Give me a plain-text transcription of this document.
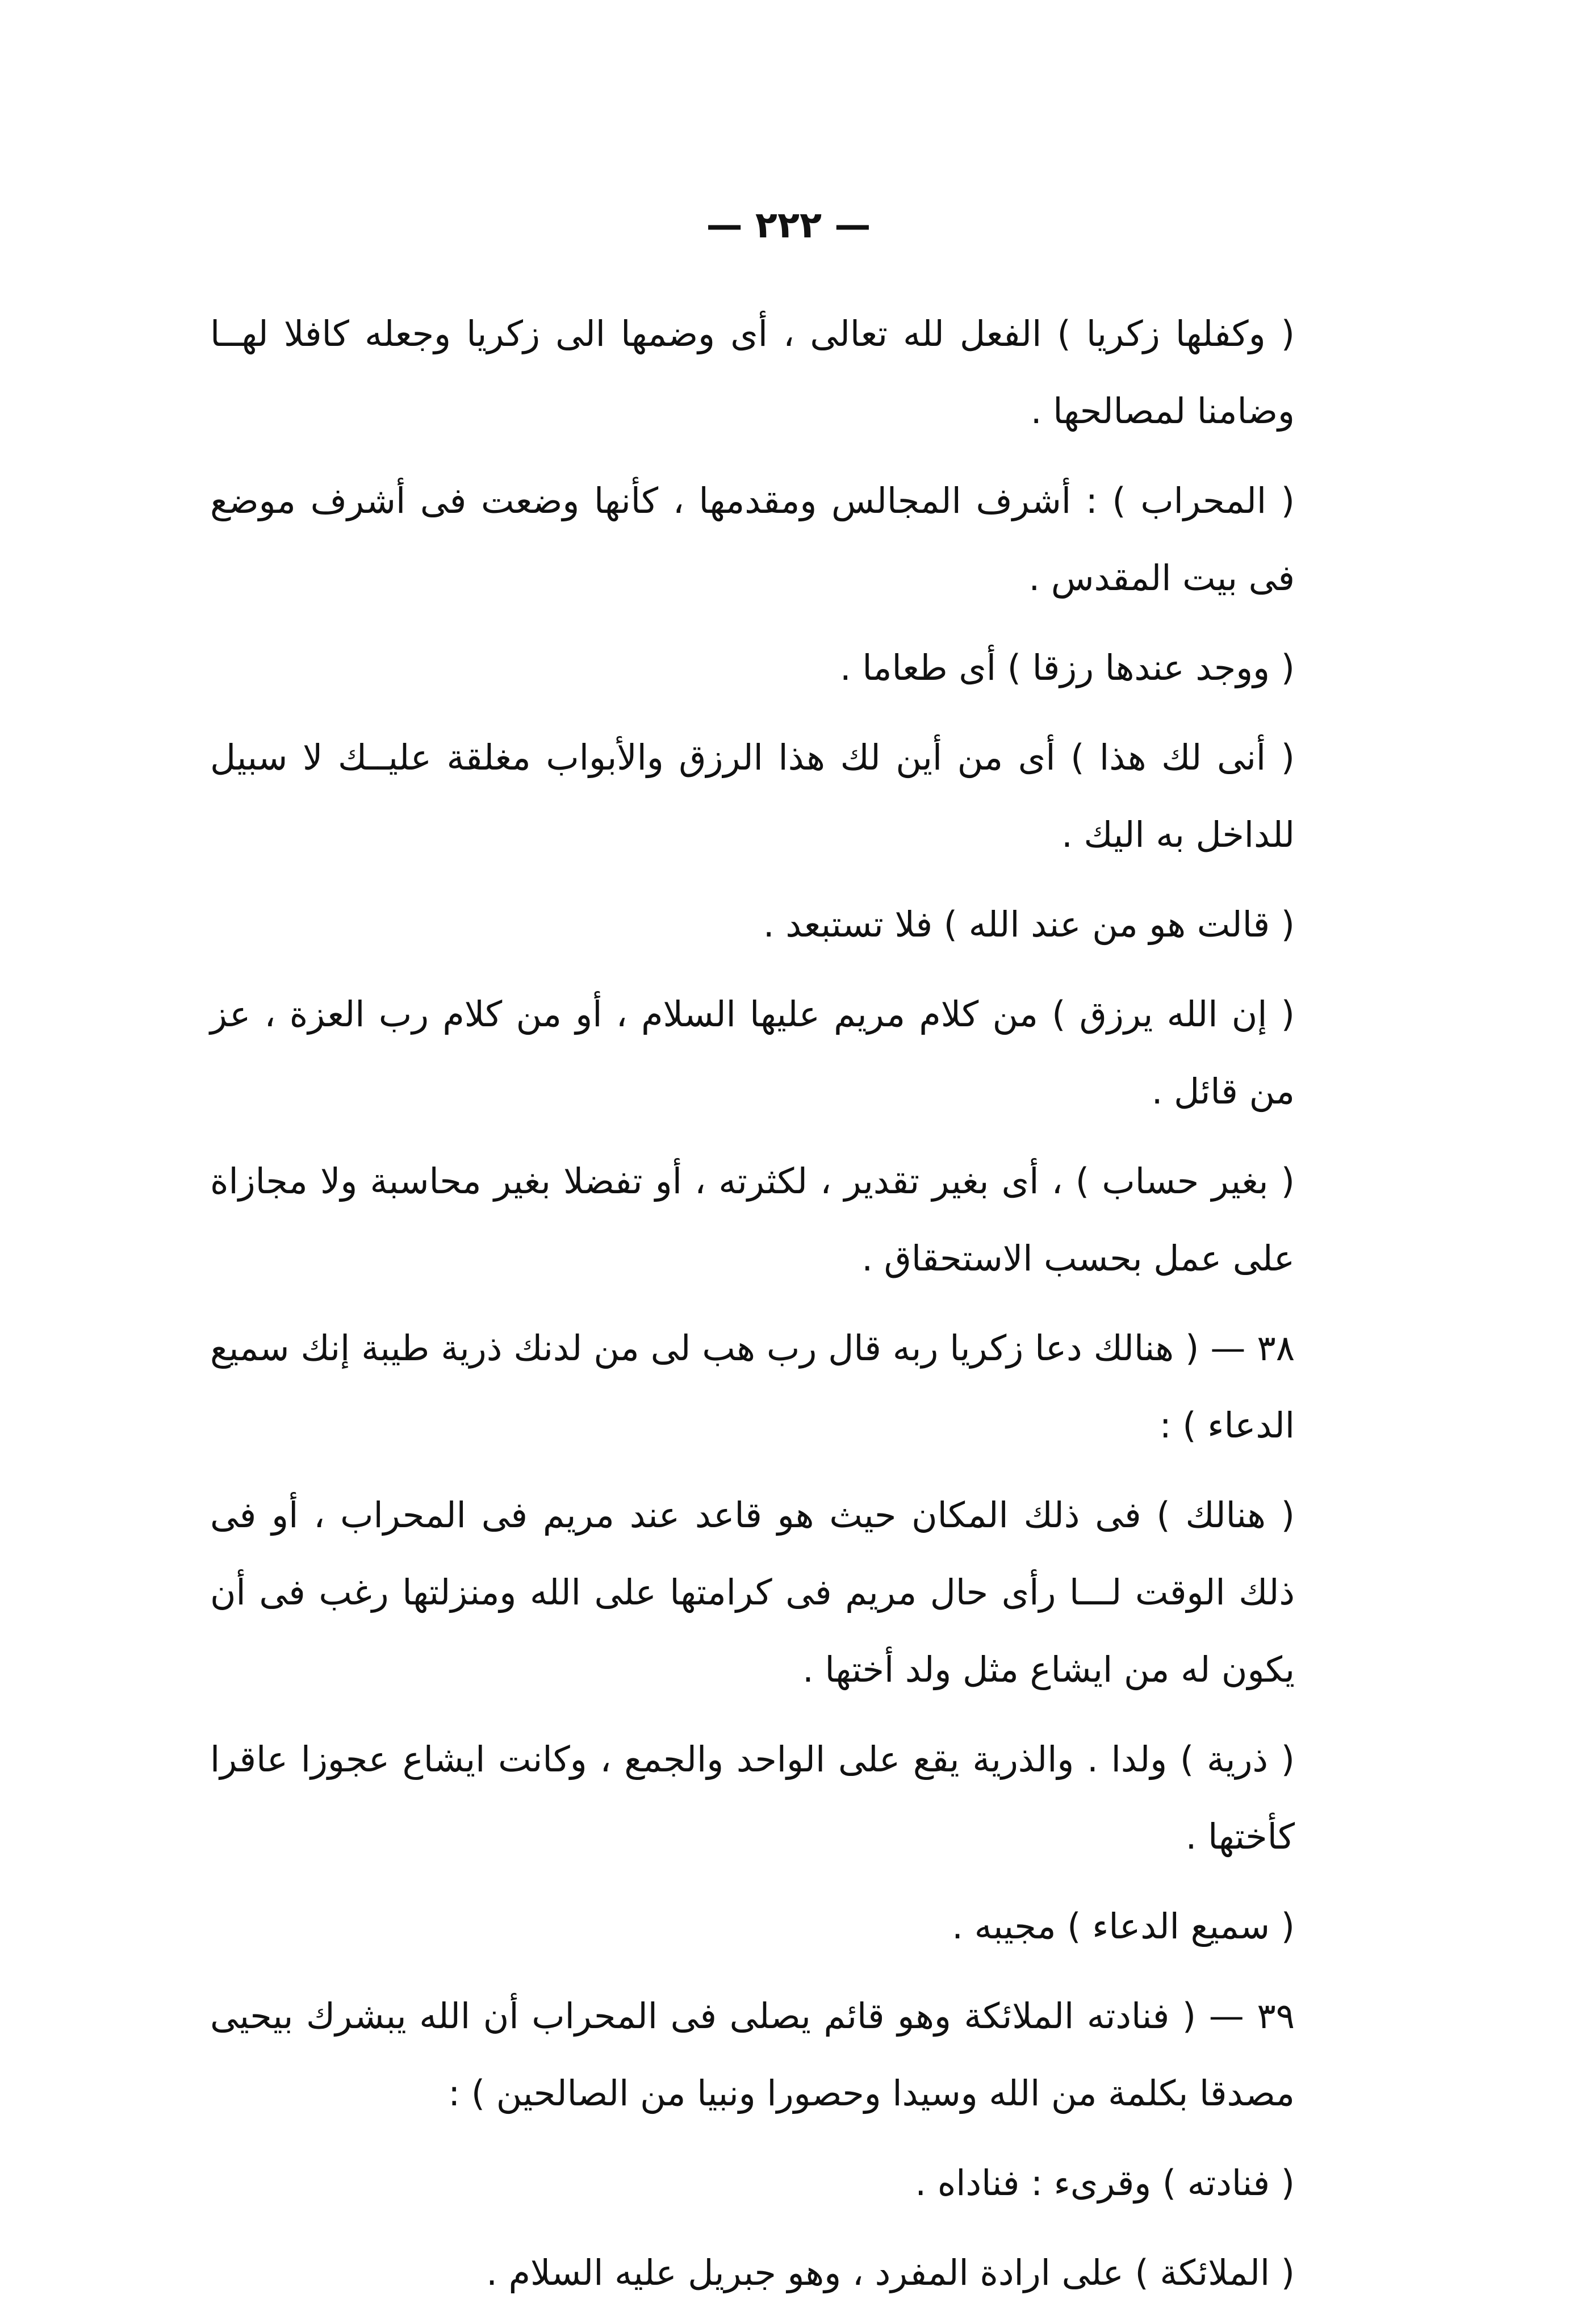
— ٢٢٢ —

( وكفلها زكريا ) الفعل لله تعالى ، أى وضمها الى زكريا وجعله كافلا لهــا وضامنا لمصالحها .

( المحراب ) : أشرف المجالس ومقدمها ، كأنها وضعت فى أشرف موضع فى بيت المقدس .

( ووجد عندها رزقا ) أى طعاما .

( أنى لك هذا ) أى من أين لك هذا الرزق والأبواب مغلقة عليــك لا سبيل للداخل به اليك .

( قالت هو من عند الله ) فلا تستبعد .

( إن الله يرزق ) من كلام مريم عليها السلام ، أو من كلام رب العزة ، عز من قائل .

( بغير حساب ) ، أى بغير تقدير ، لكثرته ، أو تفضلا بغير محاسبة ولا مجازاة على عمل بحسب الاستحقاق .

٣٨ — ( هنالك دعا زكريا ربه قال رب هب لى من لدنك ذرية طيبة إنك سميع الدعاء ) :

( هنالك ) فى ذلك المكان حيث هو قاعد عند مريم فى المحراب ، أو فى ذلك الوقت لـــا رأى حال مريم فى كرامتها على الله ومنزلتها رغب فى أن يكون له من ايشاع مثل ولد أختها .

( ذرية ) ولدا . والذرية يقع على الواحد والجمع ، وكانت ايشاع عجوزا عاقرا كأختها .

( سميع الدعاء ) مجيبه .

٣٩ — ( فنادته الملائكة وهو قائم يصلى فى المحراب أن الله يبشرك بيحيى مصدقا بكلمة من الله وسيدا وحصورا ونبيا من الصالحين ) :

( فنادته ) وقرىء : فناداه .

( الملائكة ) على ارادة المفرد ، وهو جبريل عليه السلام .
